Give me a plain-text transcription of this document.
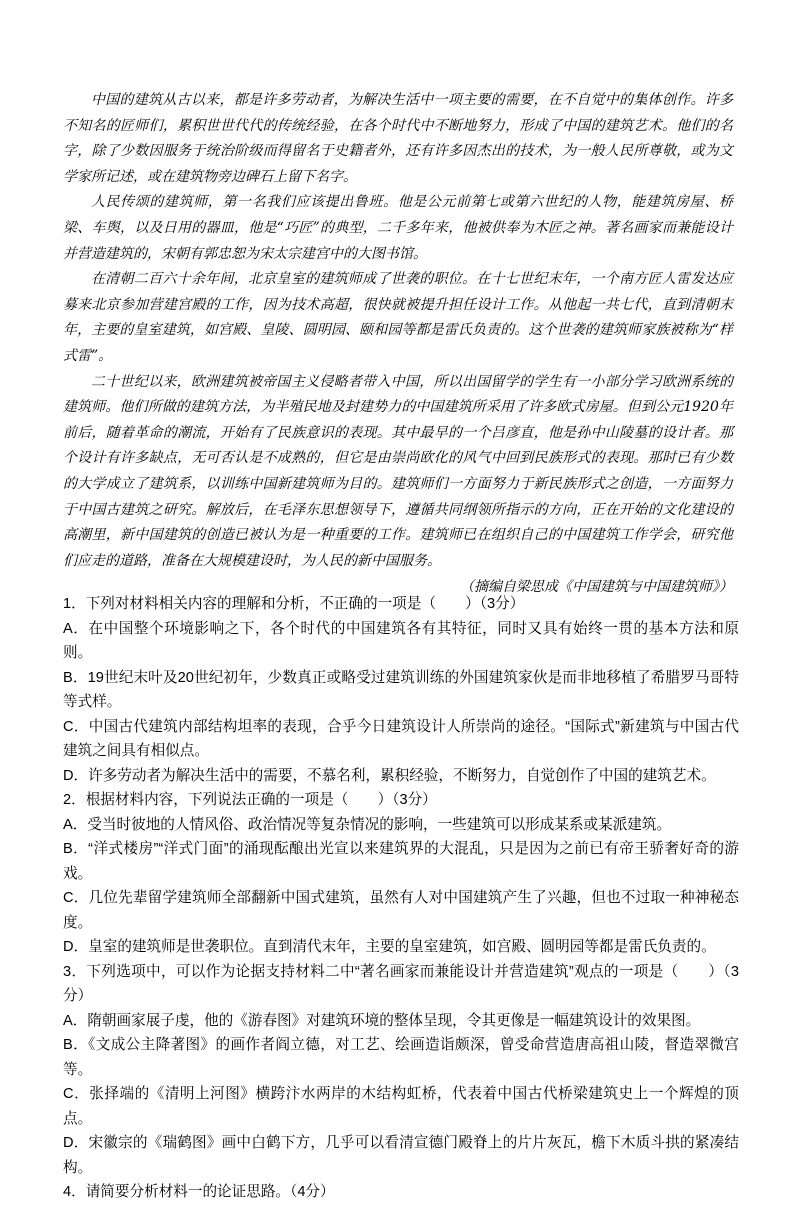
中国的建筑从古以来，都是许多劳动者，为解决生活中一项主要的需要，在不自觉中的集体创作。许多不知名的匠师们，累积世世代代的传统经验，在各个时代中不断地努力，形成了中国的建筑艺术。他们的名字，除了少数因服务于统治阶级而得留名于史籍者外，还有许多因杰出的技术，为一般人民所尊敬，或为文学家所记述，或在建筑物旁边碑石上留下名字。

人民传颂的建筑师，第一名我们应该提出鲁班。他是公元前第七或第六世纪的人物，能建筑房屋、桥梁、车舆，以及日用的器皿，他是“巧匠”的典型，二千多年来，他被供奉为木匠之神。著名画家而兼能设计并营造建筑的，宋朝有郭忠恕为宋太宗建宫中的大图书馆。

在清朝二百六十余年间，北京皇室的建筑师成了世袭的职位。在十七世纪末年，一个南方匠人雷发达应募来北京参加营建宫殿的工作，因为技术高超，很快就被提升担任设计工作。从他起一共七代，直到清朝末年，主要的皇室建筑，如宫殿、皇陵、圆明园、颐和园等都是雷氏负责的。这个世袭的建筑师家族被称为“样式雷”。

二十世纪以来，欧洲建筑被帝国主义侵略者带入中国，所以出国留学的学生有一小部分学习欧洲系统的建筑师。他们所做的建筑方法，为半殖民地及封建势力的中国建筑所采用了许多欧式房屋。但到公元1920年前后，随着革命的潮流，开始有了民族意识的表现。其中最早的一个吕彦直，他是孙中山陵墓的设计者。那个设计有许多缺点，无可否认是不成熟的，但它是由崇尚欧化的风气中回到民族形式的表现。那时已有少数的大学成立了建筑系，以训练中国新建筑师为目的。建筑师们一方面努力于新民族形式之创造，一方面努力于中国古建筑之研究。解放后，在毛泽东思想领导下，遵循共同纲领所指示的方向，正在开始的文化建设的高潮里，新中国建筑的创造已被认为是一种重要的工作。建筑师已在组织自己的中国建筑工作学会，研究他们应走的道路，准备在大规模建设时，为人民的新中国服务。

（摘编自梁思成《中国建筑与中国建筑师》）

1．下列对材料相关内容的理解和分析，不正确的一项是（　　）（3分）

A．在中国整个环境影响之下，各个时代的中国建筑各有其特征，同时又具有始终一贯的基本方法和原则。

B．19世纪末叶及20世纪初年，少数真正或略受过建筑训练的外国建筑家伙是而非地移植了希腊罗马哥特等式样。

C．中国古代建筑内部结构坦率的表现，合乎今日建筑设计人所崇尚的途径。“国际式”新建筑与中国古代建筑之间具有相似点。

D．许多劳动者为解决生活中的需要，不慕名利，累积经验，不断努力，自觉创作了中国的建筑艺术。

2．根据材料内容，下列说法正确的一项是（　　）（3分）

A．受当时彼地的人情风俗、政治情况等复杂情况的影响，一些建筑可以形成某系或某派建筑。

B．“洋式楼房”“洋式门面”的涌现酝酿出光宣以来建筑界的大混乱，只是因为之前已有帝王骄奢好奇的游戏。

C．几位先辈留学建筑师全部翻新中国式建筑，虽然有人对中国建筑产生了兴趣，但也不过取一种神秘态度。

D．皇室的建筑师是世袭职位。直到清代末年，主要的皇室建筑，如宫殿、圆明园等都是雷氏负责的。

3．下列选项中，可以作为论据支持材料二中“著名画家而兼能设计并营造建筑”观点的一项是（　　）（3分）

A．隋朝画家展子虔，他的《游春图》对建筑环境的整体呈现，令其更像是一幅建筑设计的效果图。

B．《文成公主降著图》的画作者阎立德，对工艺、绘画造诣颇深，曾受命营造唐高祖山陵，督造翠微宫等。

C．张择端的《清明上河图》横跨汴水两岸的木结构虹桥，代表着中国古代桥梁建筑史上一个辉煌的顶点。

D．宋徽宗的《瑞鹤图》画中白鹤下方，几乎可以看清宣德门殿脊上的片片灰瓦，檐下木质斗拱的紧凑结构。

4．请简要分析材料一的论证思路。（4分）
